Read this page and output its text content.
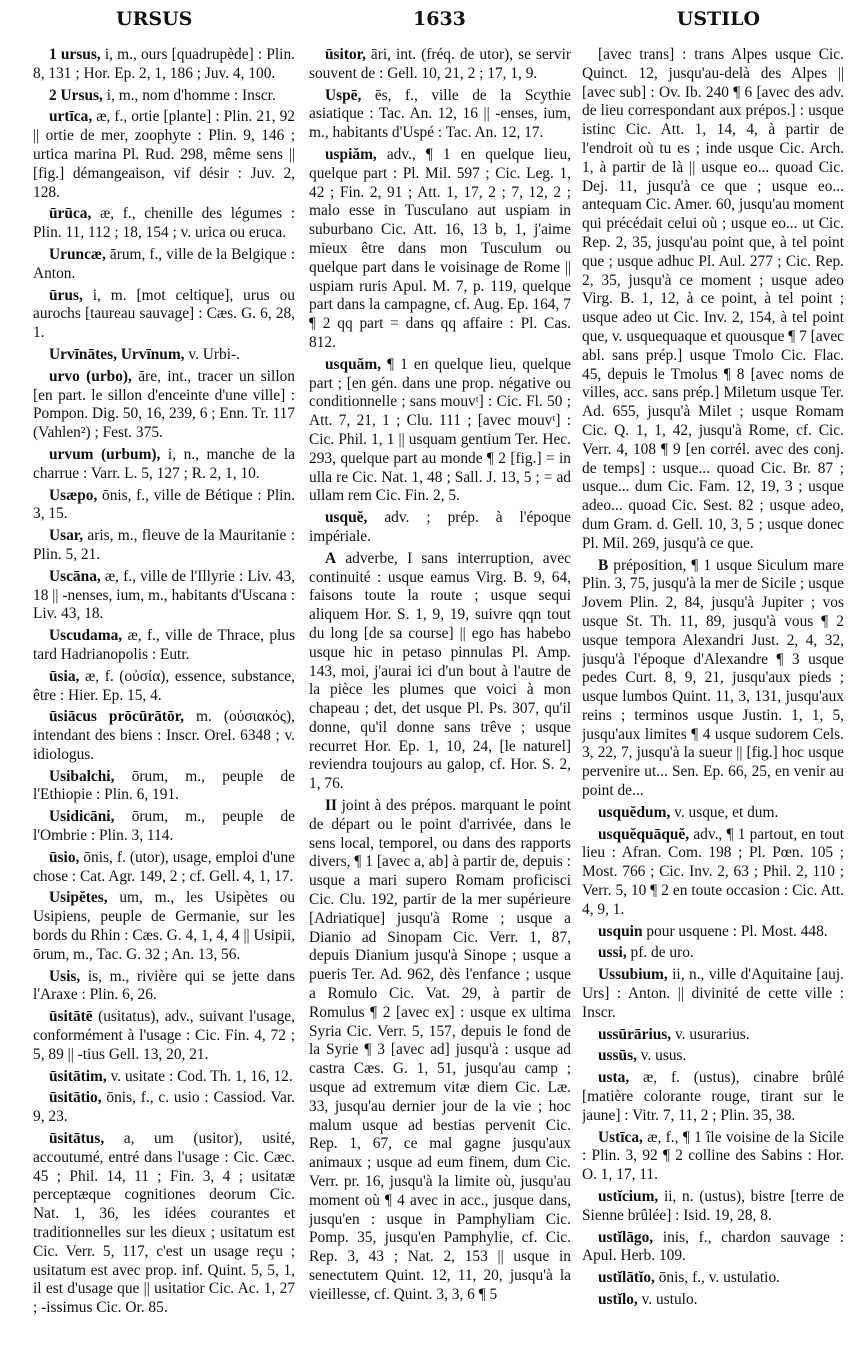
URSUS	1633	USTILO

1 ursus, i, m., ours [quadrupède] : Plin. 8, 131 ; Hor. Ep. 2, 1, 186 ; Juv. 4, 100.

2 Ursus, i, m., nom d'homme : Inscr.

urtīca, æ, f., ortie [plante] : Plin. 21, 92 || ortie de mer, zoophyte : Plin. 9, 146 ; urtica marina Pl. Rud. 298, même sens || [fig.] démangeaison, vif désir : Juv. 2, 128.

ūrūca, æ, f., chenille des légumes : Plin. 11, 112 ; 18, 154 ; v. urica ou eruca.

Uruncæ, ārum, f., ville de la Belgique : Anton.

ūrus, i, m. [mot celtique], urus ou aurochs [taureau sauvage] : Cæs. G. 6, 28, 1.

Urvīnātes, Urvīnum, v. Urbi-.

urvo (urbo), āre, int., tracer un sillon [en part. le sillon d'enceinte d'une ville] : Pompon. Dig. 50, 16, 239, 6 ; Enn. Tr. 117 (Vahlen²) ; Fest. 375.

urvum (urbum), i, n., manche de la charrue : Varr. L. 5, 127 ; R. 2, 1, 10.

Usæpo, ōnis, f., ville de Bétique : Plin. 3, 15.

Usar, aris, m., fleuve de la Mauritanie : Plin. 5, 21.

Uscāna, æ, f., ville de l'Illyrie : Liv. 43, 18 || -nenses, ium, m., habitants d'Uscana : Liv. 43, 18.

Uscudama, æ, f., ville de Thrace, plus tard Hadrianopolis : Eutr.

ūsia, æ, f. (οὐσία), essence, substance, être : Hier. Ep. 15, 4.

ūsiācus prōcūrātōr, m. (οὐσιακός), intendant des biens : Inscr. Orel. 6348 ; v. idiologus.

Usibalchi, ōrum, m., peuple de l'Ethiopie : Plin. 6, 191.

Usidicāni, ōrum, m., peuple de l'Ombrie : Plin. 3, 114.

ūsio, ōnis, f. (utor), usage, emploi d'une chose : Cat. Agr. 149, 2 ; cf. Gell. 4, 1, 17.

Usipĕtes, um, m., les Usipètes ou Usipiens, peuple de Germanie, sur les bords du Rhin : Cæs. G. 4, 1, 4, 4 || Usipii, ōrum, m., Tac. G. 32 ; An. 13, 56.

Usis, is, m., rivière qui se jette dans l'Araxe : Plin. 6, 26.

ūsitātē (usitatus), adv., suivant l'usage, conformément à l'usage : Cic. Fin. 4, 72 ; 5, 89 || -tius Gell. 13, 20, 21.

ūsitātim, v. usitate : Cod. Th. 1, 16, 12.

ūsitātio, ōnis, f., c. usio : Cassiod. Var. 9, 23.

ūsitātus, a, um (usitor), usité, accoutumé, entré dans l'usage : Cic. Cæc. 45 ; Phil. 14, 11 ; Fin. 3, 4 ; usitatæ perceptæque cognitiones deorum Cic. Nat. 1, 36, les idées courantes et traditionnelles sur les dieux ; usitatum est Cic. Verr. 5, 117, c'est un usage reçu ; usitatum est avec prop. inf. Quint. 5, 5, 1, il est d'usage que || usitatior Cic. Ac. 1, 27 ; -issimus Cic. Or. 85.

ūsitor, āri, int. (fréq. de utor), se servir souvent de : Gell. 10, 21, 2 ; 17, 1, 9.

Uspē, ēs, f., ville de la Scythie asiatique : Tac. An. 12, 16 || -enses, ium, m., habitants d'Uspé : Tac. An. 12, 17.

uspiăm, adv., ¶ 1 en quelque lieu, quelque part : Pl. Mil. 597 ; Cic. Leg. 1, 42 ; Fin. 2, 91 ; Att. 1, 17, 2 ; 7, 12, 2 ; malo esse in Tusculano aut uspiam in suburbano Cic. Att. 16, 13 b, 1, j'aime mieux être dans mon Tusculum ou quelque part dans le voisinage de Rome || uspiam ruris Apul. M. 7, p. 119, quelque part dans la campagne, cf. Aug. Ep. 164, 7 ¶ 2 qq part = dans qq affaire : Pl. Cas. 812.

usquăm, ¶ 1 en quelque lieu, quelque part ; [en gén. dans une prop. négative ou conditionnelle ; sans mouvᵗ] : Cic. Fl. 50 ; Att. 7, 21, 1 ; Clu. 111 ; [avec mouvᵗ] : Cic. Phil. 1, 1 || usquam gentium Ter. Hec. 293, quelque part au monde ¶ 2 [fig.] = in ulla re Cic. Nat. 1, 48 ; Sall. J. 13, 5 ; = ad ullam rem Cic. Fin. 2, 5.

usquĕ, adv. ; prép. à l'époque impériale.

A adverbe, I sans interruption, avec continuité : usque eamus Virg. B. 9, 64, faisons toute la route ; usque sequi aliquem Hor. S. 1, 9, 19, suivre qqn tout du long [de sa course] || ego has habebo usque hic in petaso pinnulas Pl. Amp. 143, moi, j'aurai ici d'un bout à l'autre de la pièce les plumes que voici à mon chapeau ; det, det usque Pl. Ps. 307, qu'il donne, qu'il donne sans trêve ; usque recurret Hor. Ep. 1, 10, 24, [le naturel] reviendra toujours au galop, cf. Hor. S. 2, 1, 76.

II joint à des prépos. marquant le point de départ ou le point d'arrivée, dans le sens local, temporel, ou dans des rapports divers, ¶ 1 [avec a, ab] à partir de, depuis : usque a mari supero Romam proficisci Cic. Clu. 192, partir de la mer supérieure [Adriatique] jusqu'à Rome ; usque a Dianio ad Sinopam Cic. Verr. 1, 87, depuis Dianium jusqu'à Sinope ; usque a pueris Ter. Ad. 962, dès l'enfance ; usque a Romulo Cic. Vat. 29, à partir de Romulus ¶ 2 [avec ex] : usque ex ultima Syria Cic. Verr. 5, 157, depuis le fond de la Syrie ¶ 3 [avec ad] jusqu'à : usque ad castra Cæs. G. 1, 51, jusqu'au camp ; usque ad extremum vitæ diem Cic. Læ. 33, jusqu'au dernier jour de la vie ; hoc malum usque ad bestias pervenit Cic. Rep. 1, 67, ce mal gagne jusqu'aux animaux ; usque ad eum finem, dum Cic. Verr. pr. 16, jusqu'à la limite où, jusqu'au moment où ¶ 4 avec in acc., jusque dans, jusqu'en : usque in Pamphyliam Cic. Pomp. 35, jusqu'en Pamphylie, cf. Cic. Rep. 3, 43 ; Nat. 2, 153 || usque in senectutem Quint. 12, 11, 20, jusqu'à la vieillesse, cf. Quint. 3, 3, 6 ¶ 5

[avec trans] : trans Alpes usque Cic. Quinct. 12, jusqu'au-delà des Alpes || [avec sub] : Ov. Ib. 240 ¶ 6 [avec des adv. de lieu correspondant aux prépos.] : usque istinc Cic. Att. 1, 14, 4, à partir de l'endroit où tu es ; inde usque Cic. Arch. 1, à partir de là || usque eo... quoad Cic. Dej. 11, jusqu'à ce que ; usque eo... antequam Cic. Amer. 60, jusqu'au moment qui précédait celui où ; usque eo... ut Cic. Rep. 2, 35, jusqu'au point que, à tel point que ; usque adhuc Pl. Aul. 277 ; Cic. Rep. 2, 35, jusqu'à ce moment ; usque adeo Virg. B. 1, 12, à ce point, à tel point ; usque adeo ut Cic. Inv. 2, 154, à tel point que, v. usquequaque et quousque ¶ 7 [avec abl. sans prép.] usque Tmolo Cic. Flac. 45, depuis le Tmolus ¶ 8 [avec noms de villes, acc. sans prép.] Miletum usque Ter. Ad. 655, jusqu'à Milet ; usque Romam Cic. Q. 1, 1, 42, jusqu'à Rome, cf. Cic. Verr. 4, 108 ¶ 9 [en corrél. avec des conj. de temps] : usque... quoad Cic. Br. 87 ; usque... dum Cic. Fam. 12, 19, 3 ; usque adeo... quoad Cic. Sest. 82 ; usque adeo, dum Gram. d. Gell. 10, 3, 5 ; usque donec Pl. Mil. 269, jusqu'à ce que.

B préposition, ¶ 1 usque Siculum mare Plin. 3, 75, jusqu'à la mer de Sicile ; usque Jovem Plin. 2, 84, jusqu'à Jupiter ; vos usque St. Th. 11, 89, jusqu'à vous ¶ 2 usque tempora Alexandri Just. 2, 4, 32, jusqu'à l'époque d'Alexandre ¶ 3 usque pedes Curt. 8, 9, 21, jusqu'aux pieds ; usque lumbos Quint. 11, 3, 131, jusqu'aux reins ; terminos usque Justin. 1, 1, 5, jusqu'aux limites ¶ 4 usque sudorem Cels. 3, 22, 7, jusqu'à la sueur || [fig.] hoc usque pervenire ut... Sen. Ep. 66, 25, en venir au point de...

usquĕdum, v. usque, et dum.

usquĕquāquĕ, adv., ¶ 1 partout, en tout lieu : Afran. Com. 198 ; Pl. Pœn. 105 ; Most. 766 ; Cic. Inv. 2, 63 ; Phil. 2, 110 ; Verr. 5, 10 ¶ 2 en toute occasion : Cic. Att. 4, 9, 1.

usquin pour usquene : Pl. Most. 448.

ussi, pf. de uro.

Ussubium, ii, n., ville d'Aquitaine [auj. Urs] : Anton. || divinité de cette ville : Inscr.

ussūrārius, v. usurarius.

ussūs, v. usus.

usta, æ, f. (ustus), cinabre brûlé [matière colorante rouge, tirant sur le jaune] : Vitr. 7, 11, 2 ; Plin. 35, 38.

Ustīca, æ, f., ¶ 1 île voisine de la Sicile : Plin. 3, 92 ¶ 2 colline des Sabins : Hor. O. 1, 17, 11.

ustĭcium, ii, n. (ustus), bistre [terre de Sienne brûlée] : Isid. 19, 28, 8.

ustĭlāgo, inis, f., chardon sauvage : Apul. Herb. 109.

ustĭlātĭo, ōnis, f., v. ustulatio.

ustĭlo, v. ustulo.
